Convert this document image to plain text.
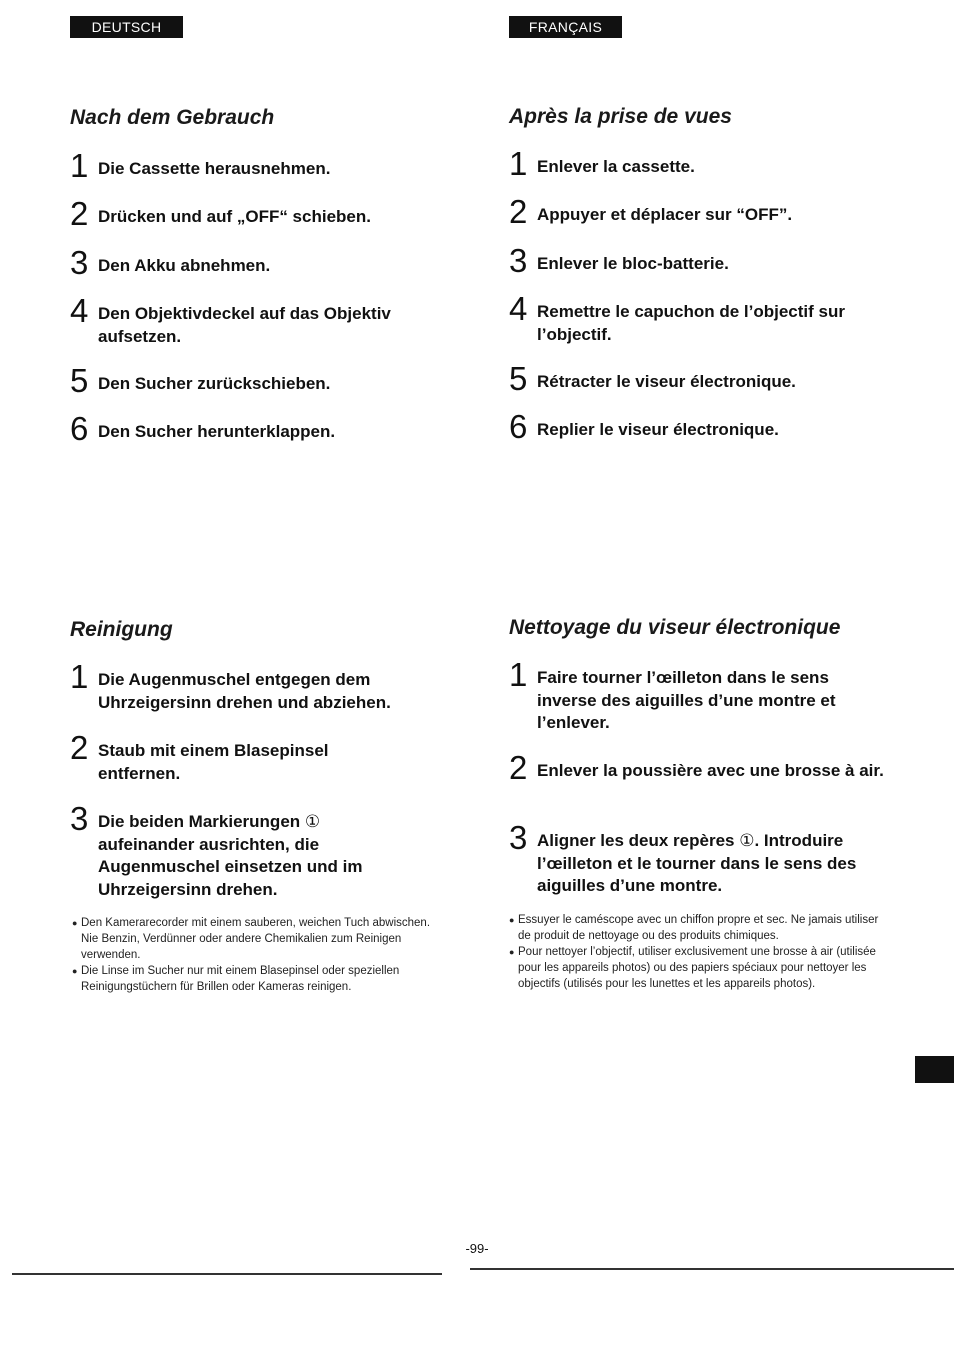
DEUTSCH	FRANÇAIS
Nach dem Gebrauch
1 Die Cassette herausnehmen.
2 Drücken und auf „OFF“ schieben.
3 Den Akku abnehmen.
4 Den Objektivdeckel auf das Objektiv aufsetzen.
5 Den Sucher zurückschieben.
6 Den Sucher herunterklappen.
Reinigung
1 Die Augenmuschel entgegen dem Uhrzeigersinn drehen und abziehen.
2 Staub mit einem Blasepinsel entfernen.
3 Die beiden Markierungen ① aufeinander ausrichten, die Augenmuschel einsetzen und im Uhrzeigersinn drehen.
● Den Kamerarecorder mit einem sauberen, weichen Tuch abwischen. Nie Benzin, Verdünner oder andere Chemikalien zum Reinigen verwenden.
● Die Linse im Sucher nur mit einem Blasepinsel oder speziellen Reinigungstüchern für Brillen oder Kameras reinigen.
Après la prise de vues
1 Enlever la cassette.
2 Appuyer et déplacer sur “OFF”.
3 Enlever le bloc-batterie.
4 Remettre le capuchon de l’objectif sur l’objectif.
5 Rétracter le viseur électronique.
6 Replier le viseur électronique.
Nettoyage du viseur électronique
1 Faire tourner l’œilleton dans le sens inverse des aiguilles d’une montre et l’enlever.
2 Enlever la poussière avec une brosse à air.
3 Aligner les deux repères ①. Introduire l’œilleton et le tourner dans le sens des aiguilles d’une montre.
● Essuyer le caméscope avec un chiffon propre et sec. Ne jamais utiliser de produit de nettoyage ou des produits chimiques.
● Pour nettoyer l’objectif, utiliser exclusivement une brosse à air (utilisée pour les appareils photos) ou des papiers spéciaux pour nettoyer les objectifs (utilisés pour les lunettes et les appareils photos).
-99-
